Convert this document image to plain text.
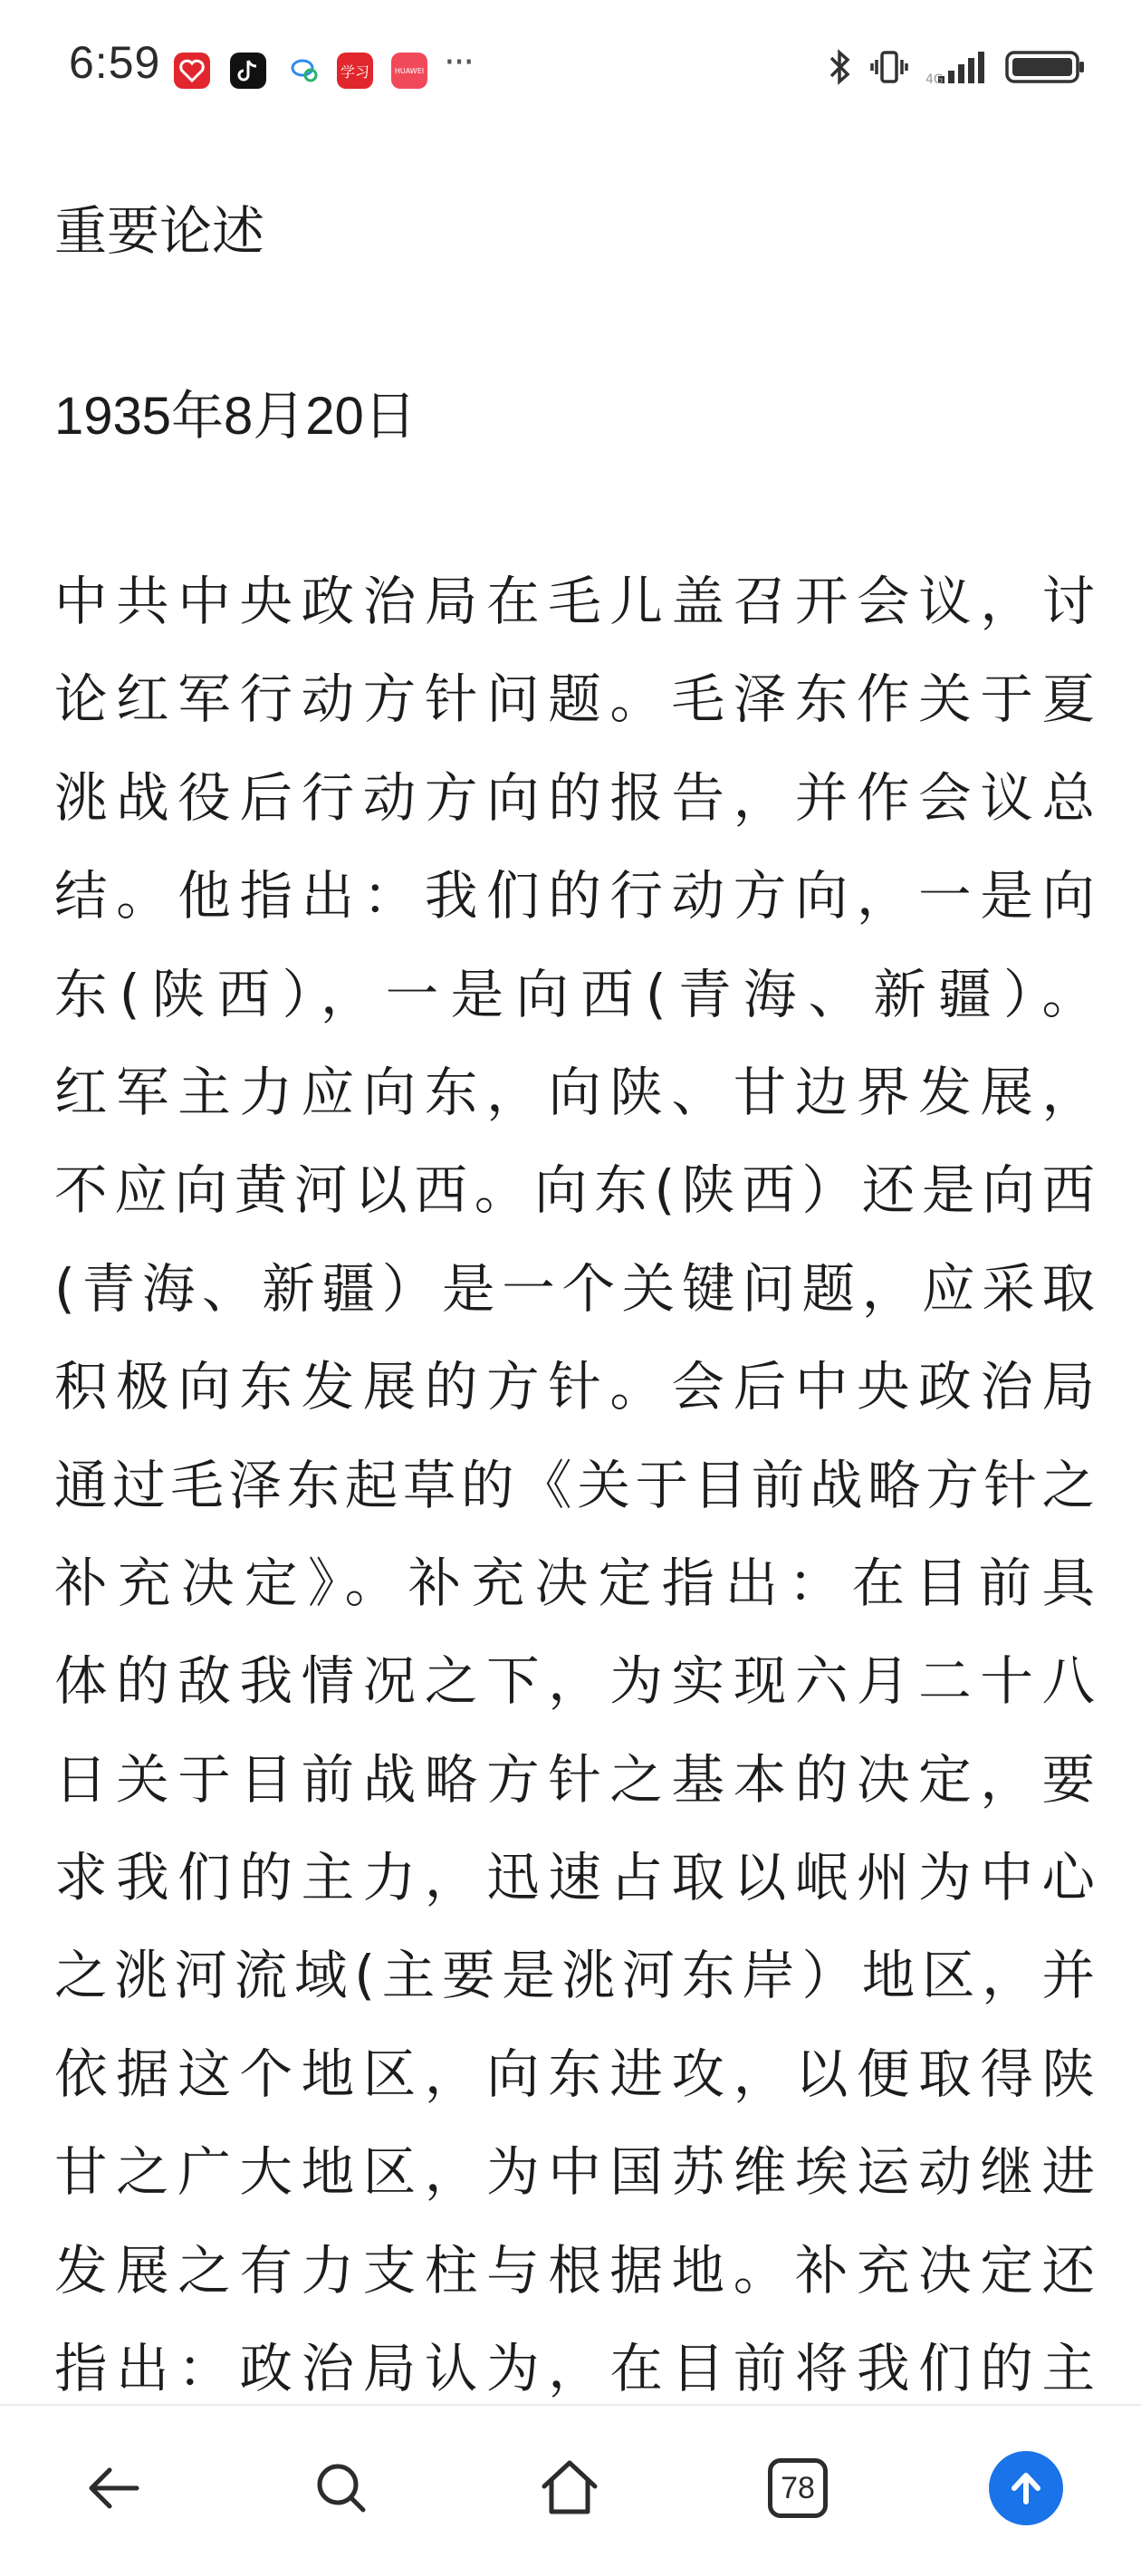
6:59	学习	HUAWEI ···	4G
重要论述
1935年8月20日
中共中央政治局在毛儿盖召开会议，讨
论红军行动方针问题。毛泽东作关于夏
洮战役后行动方向的报告，并作会议总
结。他指出：我们的行动方向，一是向
东(陕西），一是向西(青海、新疆）。
红军主力应向东，向陕、甘边界发展，
不应向黄河以西。向东(陕西）还是向西
(青海、新疆）是一个关键问题，应采取
积极向东发展的方针。会后中央政治局
通过毛泽东起草的《关于目前战略方针之
补充决定》。补充决定指出：在目前具
体的敌我情况之下，为实现六月二十八
日关于目前战略方针之基本的决定，要
求我们的主力，迅速占取以岷州为中心
之洮河流域(主要是洮河东岸）地区，并
依据这个地区，向东进攻，以便取得陕
甘之广大地区，为中国苏维埃运动继进
发展之有力支柱与根据地。补充决定还
指出：政治局认为，在目前将我们的主
78
